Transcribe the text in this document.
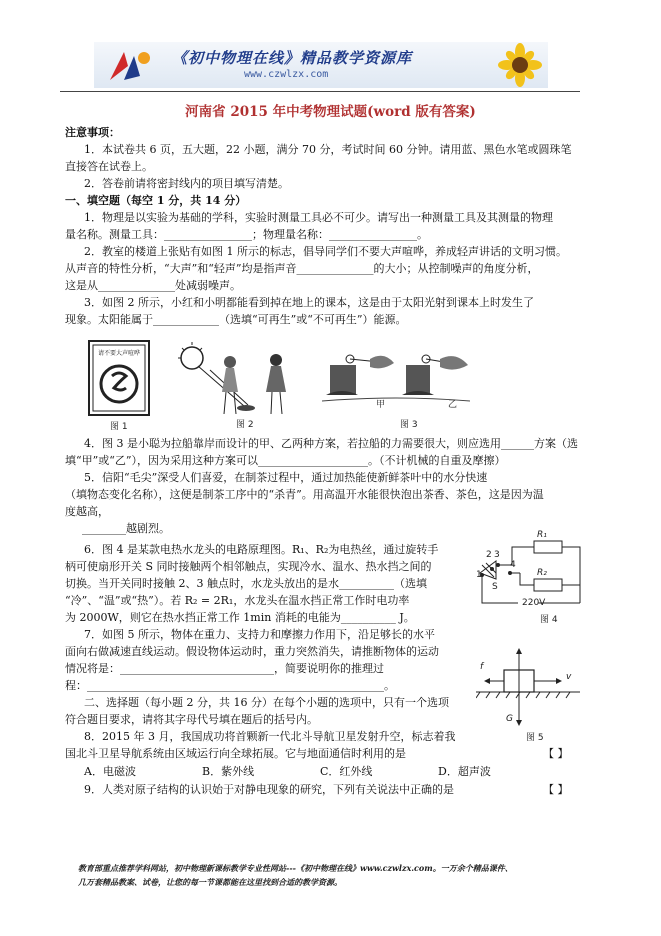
《初中物理在线》精品教学资源库
www.czwlzx.com
河南省 2015 年中考物理试题(word 版有答案)
注意事项：
1．本试卷共 6 页，五大题，22 小题，满分 70 分，考试时间 60 分钟。请用蓝、黑色水笔或圆珠笔
直接答在试卷上。
2．答卷前请将密封线内的项目填写清楚。
一、填空题（每空 1 分，共 14 分）
1．物理是以实验为基础的学科，实验时测量工具必不可少。请写出一种测量工具及其测量的物理
量名称。测量工具：________________；物理量名称：________________。
2．教室的楼道上张贴有如图 1 所示的标志，倡导同学们不要大声喧哗，养成轻声讲话的文明习惯。
从声音的特性分析，“大声”和“轻声”均是指声音______________的大小；从控制噪声的角度分析，
这是从______________处减弱噪声。
3．如图 2 所示，小红和小明都能看到掉在地上的课本，这是由于太阳光射到课本上时发生了
现象。太阳能属于____________（选填“可再生”或“不可再生”）能源。
请不要大声喧哗
图 1	图 2
甲
图 3
乙
4．图 3 是小聪为拉船靠岸而设计的甲、乙两种方案，若拉船的力需要很大，则应选用______方案（选
填“甲”或“乙”），因为采用这种方案可以____________________。（不计机械的自重及摩擦）
5．信阳“毛尖”深受人们喜爱，在制茶过程中，通过加热能使新鲜茶叶中的水分快速
（填物态变化名称），这便是制茶工序中的“杀青”。用高温开水能很快泡出茶香、茶色，这是因为温
度越高，
________越剧烈。
2 3
1
4
R₁
R₂
S
220V
图 4
6．图 4 是某款电热水龙头的电路原理图。R₁、R₂为电热丝，通过旋转手
柄可使扇形开关 S 同时接触两个相邻触点，实现冷水、温水、热水挡之间的
切换。当开关同时接触 2、3 触点时，水龙头放出的是水__________（选填
“冷”、“温”或“热”）。若 R₂ = 2R₁，水龙头在温水挡正常工作时电功率
为 2000W，则它在热水挡正常工作 1min 消耗的电能为__________ J。
7．如图 5 所示，物体在重力、支持力和摩擦力作用下，沿足够长的水平
面向右做减速直线运动。假设物体运动时，重力突然消失，请推断物体的运动
情况将是：____________________________，简要说明你的推理过
程：______________________________________________________。
f
v
G
图 5
二、选择题（每小题 2 分，共 16 分）在每个小题的选项中，只有一个选项
符合题目要求，请将其字母代号填在题后的括号内。
8．2015 年 3 月，我国成功将首颗新一代北斗导航卫星发射升空，标志着我
国北斗卫星导航系统由区域运行向全球拓展。它与地面通信时利用的是	【 】
A．电磁波	B．紫外线	C．红外线	D．超声波
9．人类对原子结构的认识始于对静电现象的研究，下列有关说法中正确的是	【 】
教育部重点推荐学科网站，初中物理新课标教学专业性网站---《初中物理在线》www.czwlzx.com。一万余个精品课件、
几万套精品教案、试卷，让您的每一节课都能在这里找到合适的教学资源。
